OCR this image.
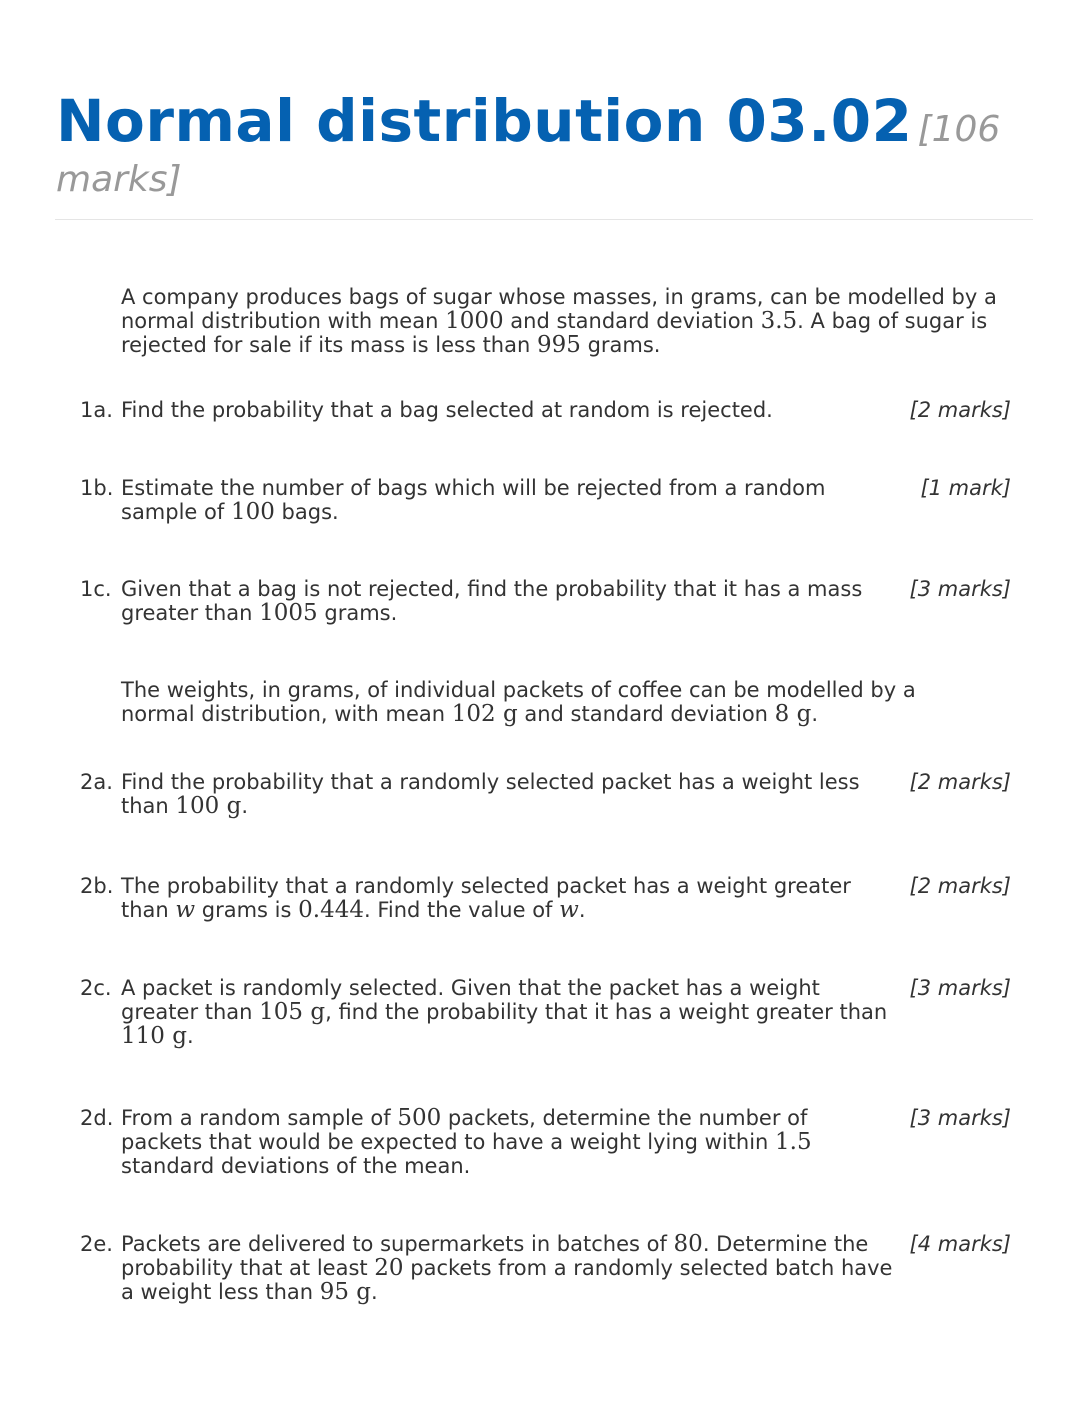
Normal distribution 03.02 [106 marks]
A company produces bags of sugar whose masses, in grams, can be modelled by a normal distribution with mean 1000 and standard deviation 3.5. A bag of sugar is rejected for sale if its mass is less than 995 grams.
1a. Find the probability that a bag selected at random is rejected.	[2 marks]
1b. Estimate the number of bags which will be rejected from a random sample of 100 bags.
[1 mark]
1c. Given that a bag is not rejected, find the probability that it has a mass greater than 1005 grams.
[3 marks]
The weights, in grams, of individual packets of coffee can be modelled by a normal distribution, with mean 102 g and standard deviation 8 g.
2a. Find the probability that a randomly selected packet has a weight less than 100 g.
[2 marks]
2b. The probability that a randomly selected packet has a weight greater than w grams is 0.444. Find the value of w.
[2 marks]
2c. A packet is randomly selected. Given that the packet has a weight greater than 105 g, find the probability that it has a weight greater than 110 g.
[3 marks]
2d. From a random sample of 500 packets, determine the number of packets that would be expected to have a weight lying within 1.5 standard deviations of the mean.
[3 marks]
2e. Packets are delivered to supermarkets in batches of 80. Determine the probability that at least 20 packets from a randomly selected batch have a weight less than 95 g.
[4 marks]
